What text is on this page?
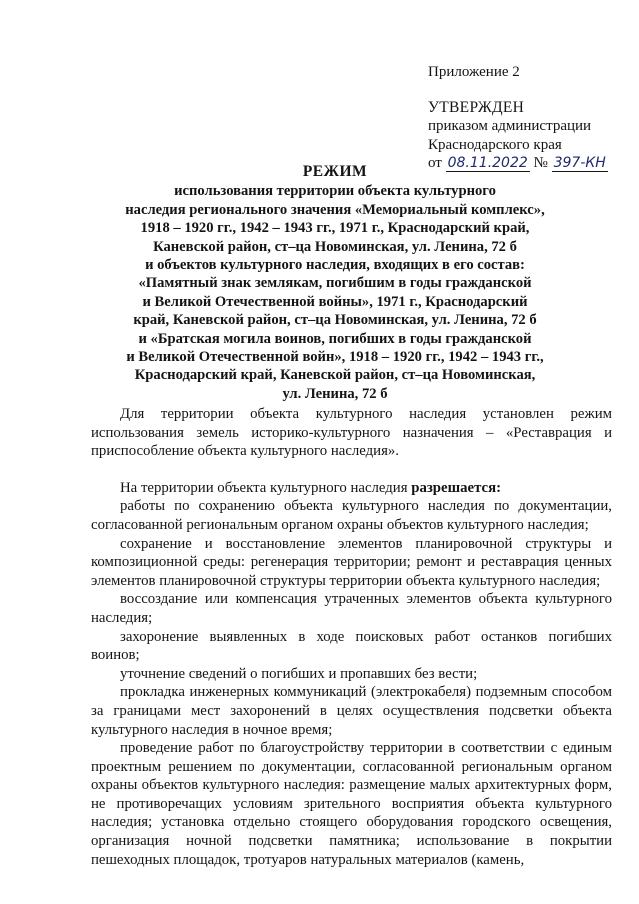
Приложение 2
УТВЕРЖДЕН
приказом администрации
Краснодарского края
от 08.11.2022 № 397-КН
РЕЖИМ
использования территории объекта культурного
наследия регионального значения «Мемориальный комплекс»,
1918 – 1920 гг., 1942 – 1943 гг., 1971 г., Краснодарский край,
Каневской район, ст–ца Новоминская, ул. Ленина, 72 б
и объектов культурного наследия, входящих в его состав:
«Памятный знак землякам, погибшим в годы гражданской
и Великой Отечественной войны», 1971 г., Краснодарский
край, Каневской район, ст–ца Новоминская, ул. Ленина, 72 б
и «Братская могила воинов, погибших в годы гражданской
и Великой Отечественной войн», 1918 – 1920 гг., 1942 – 1943 гг.,
Краснодарский край, Каневской район, ст–ца Новоминская,
ул. Ленина, 72 б

Для территории объекта культурного наследия установлен режим использования земель историко-культурного назначения – «Реставрация и приспособление объекта культурного наследия».

На территории объекта культурного наследия разрешается:

работы по сохранению объекта культурного наследия по документации, согласованной региональным органом охраны объектов культурного наследия;

сохранение и восстановление элементов планировочной структуры и композиционной среды: регенерация территории; ремонт и реставрация ценных элементов планировочной структуры территории объекта культурного наследия;

воссоздание или компенсация утраченных элементов объекта культурного наследия;

захоронение выявленных в ходе поисковых работ останков погибших воинов;

уточнение сведений о погибших и пропавших без вести;

прокладка инженерных коммуникаций (электрокабеля) подземным способом за границами мест захоронений в целях осуществления подсветки объекта культурного наследия в ночное время;

проведение работ по благоустройству территории в соответствии с единым проектным решением по документации, согласованной региональным органом охраны объектов культурного наследия: размещение малых архитектурных форм, не противоречащих условиям зрительного восприятия объекта культурного наследия; установка отдельно стоящего оборудования городского освещения, организация ночной подсветки памятника; использование в покрытии пешеходных площадок, тротуаров натуральных материалов (камень,
